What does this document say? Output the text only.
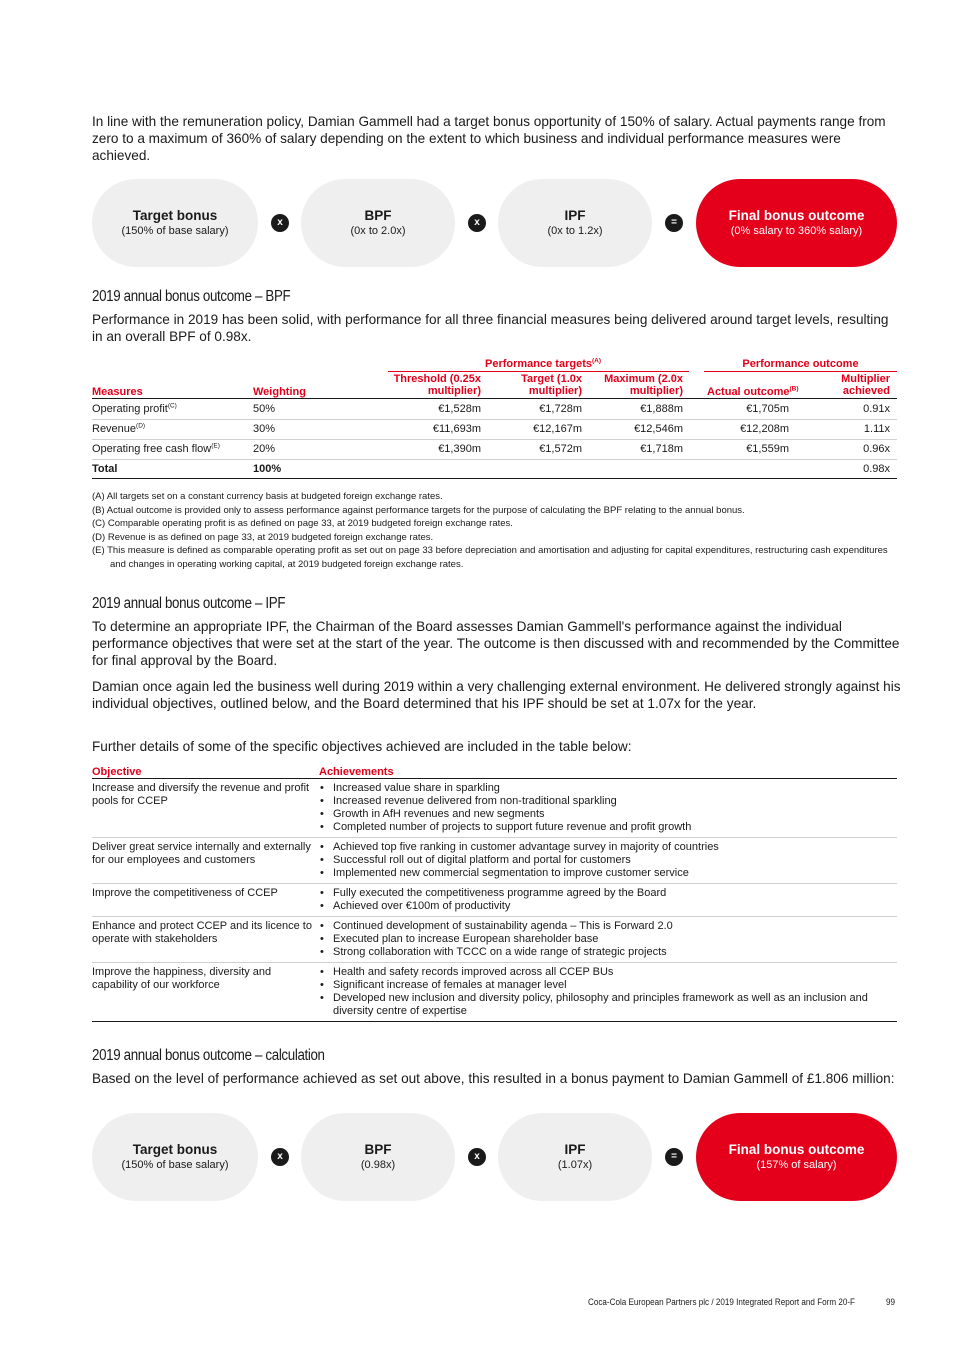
In line with the remuneration policy, Damian Gammell had a target bonus opportunity of 150% of salary. Actual payments range from zero to a maximum of 360% of salary depending on the extent to which business and individual performance measures were achieved.
Target bonus
(150% of base salary)
x	BPF
(0x to 2.0x)
x	IPF
(0x to 1.2x)
=	Final bonus outcome
(0% salary to 360% salary)
2019 annual bonus outcome – BPF
Performance in 2019 has been solid, with performance for all three financial measures being delivered around target levels, resulting in an overall BPF of 0.98x.
Performance targets$^{(A)}$	Performance outcome
Measures	Weighting
Threshold (0.25x
multiplier)
Target (1.0x
multiplier)
Maximum (2.0x
multiplier) Actual outcome$^{(B)}$
Multiplier
achieved
Operating profit$^{(C)}$	50%	€1,528m	€1,728m	€1,888m	€1,705m	0.91x
Revenue$^{(D)}$	30%	€11,693m	€12,167m	€12,546m	€12,208m	1.11x
Operating free cash flow$^{(E)}$	20%	€1,390m	€1,572m	€1,718m	€1,559m	0.96x
Total	100%	0.98x
(A) All targets set on a constant currency basis at budgeted foreign exchange rates.
(B) Actual outcome is provided only to assess performance against performance targets for the purpose of calculating the BPF relating to the annual bonus.
(C) Comparable operating profit is as defined on page 33, at 2019 budgeted foreign exchange rates.
(D) Revenue is as defined on page 33, at 2019 budgeted foreign exchange rates.
(E) This measure is defined as comparable operating profit as set out on page 33 before depreciation and amortisation and adjusting for capital expenditures, restructuring cash expenditures and changes in operating working capital, at 2019 budgeted foreign exchange rates.
2019 annual bonus outcome – IPF
To determine an appropriate IPF, the Chairman of the Board assesses Damian Gammell's performance against the individual performance objectives that were set at the start of the year. The outcome is then discussed with and recommended by the Committee for final approval by the Board.
Damian once again led the business well during 2019 within a very challenging external environment. He delivered strongly against his individual objectives, outlined below, and the Board determined that his IPF should be set at 1.07x for the year.
Further details of some of the specific objectives achieved are included in the table below:
Objective	Achievements
Increase and diversify the revenue and profit pools for CCEP
• Increased value share in sparkling
• Increased revenue delivered from non-traditional sparkling
• Growth in AfH revenues and new segments
• Completed number of projects to support future revenue and profit growth
Deliver great service internally and externally for our employees and customers
• Achieved top five ranking in customer advantage survey in majority of countries
• Successful roll out of digital platform and portal for customers
• Implemented new commercial segmentation to improve customer service
Improve the competitiveness of CCEP
•	Fully executed the competitiveness programme agreed by the Board
• Achieved over €100m of productivity
Enhance and protect CCEP and its licence to operate with stakeholders
• Continued development of sustainability agenda – This is Forward 2.0
• Executed plan to increase European shareholder base
• Strong collaboration with TCCC on a wide range of strategic projects
Improve the happiness, diversity and capability of our workforce
• Health and safety records improved across all CCEP BUs
• Significant increase of females at manager level
• Developed new inclusion and diversity policy, philosophy and principles framework as well as an inclusion and diversity centre of expertise
2019 annual bonus outcome – calculation
Based on the level of performance achieved as set out above, this resulted in a bonus payment to Damian Gammell of £1.806 million:
Target bonus
(150% of base salary)
x	BPF
(0.98x)
x	IPF
(1.07x)
=	Final bonus outcome
(157% of salary)
Coca-Cola European Partners plc / 2019 Integrated Report and Form 20-F	99
